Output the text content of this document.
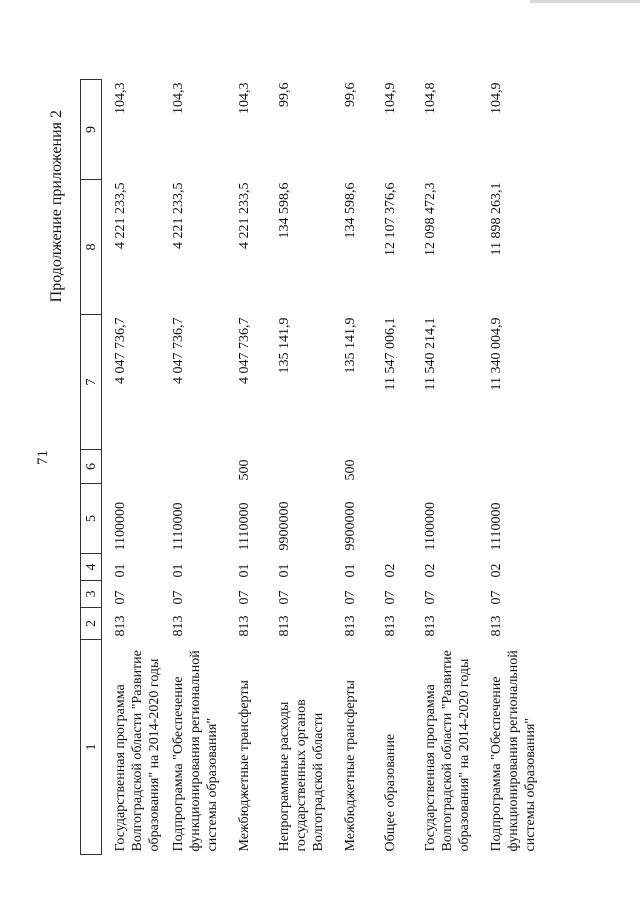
71
Продолжение приложения 2
1	2	3	4	5	6	7	8	9
Государственная программа Волгоградской области "Развитие образования" на 2014-2020 годы	813	07	01	1100000		4 047 736,7	4 221 233,5	104,3
Подпрограмма "Обеспечение функционирования региональной системы образования"	813	07	01	1110000		4 047 736,7	4 221 233,5	104,3
Межбюджетные трансферты	813	07	01	1110000	500	4 047 736,7	4 221 233,5	104,3
Непрограммные расходы государственных органов Волгоградской области	813	07	01	9900000		135 141,9	134 598,6	99,6
Межбюджетные трансферты	813	07	01	9900000	500	135 141,9	134 598,6	99,6
Общее образование	813	07	02			11 547 006,1	12 107 376,6	104,9
Государственная программа Волгоградской области "Развитие образования" на 2014-2020 годы	813	07	02	1100000		11 540 214,1	12 098 472,3	104,8
Подпрограмма "Обеспечение функционирования региональной системы образования"	813	07	02	1110000		11 340 004,9	11 898 263,1	104,9
